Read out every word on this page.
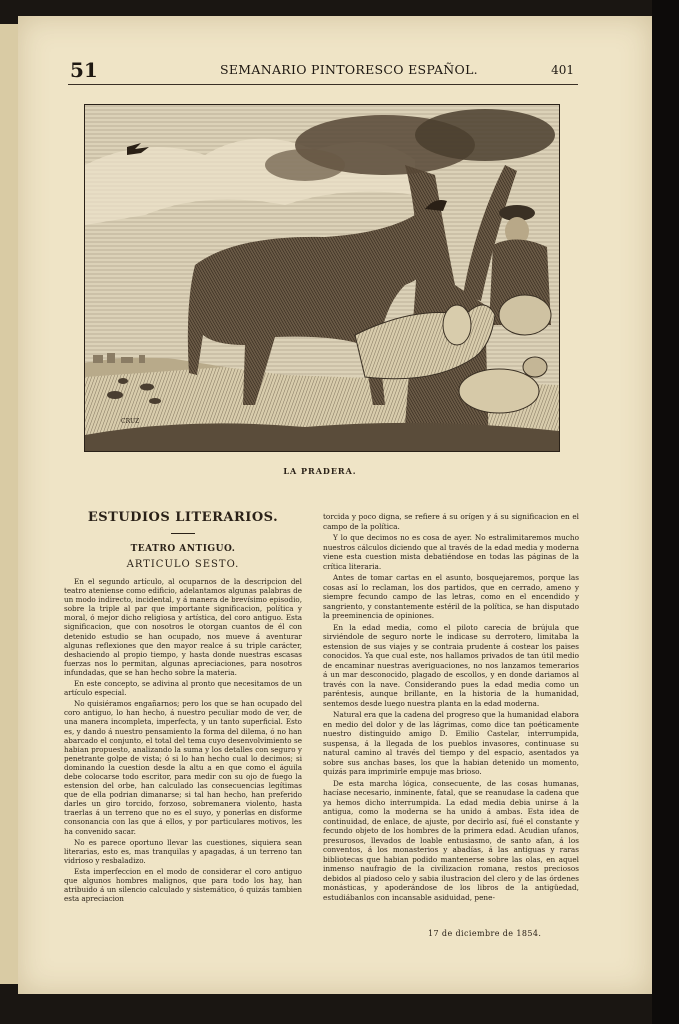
51	SEMANARIO PINTORESCO ESPAÑOL.	401
CRUZ
LA PRADERA.
ESTUDIOS LITERARIOS.
TEATRO ANTIGUO.
ARTICULO SESTO.

En el segundo artículo, al ocuparnos de la descripcion del teatro ateniense como edificio, adelantamos algunas palabras de un modo indirecto, incidental, y á manera de brevísimo episodio, sobre la triple al par que importante significacion, política y moral, ó mejor dicho religiosa y artística, del coro antiguo. Esta significacion, que con nosotros le otorgan cuantos de él con detenido estudio se han ocupado, nos mueve á aventurar algunas reflexiones que den mayor realce á su triple carácter, deshaciendo al propio tiempo, y hasta donde nuestras escasas fuerzas nos lo permitan, algunas apreciaciones, para nosotros infundadas, que se han hecho sobre la materia.

En este concepto, se adivina al pronto que necesitamos de un artículo especial.

No quisiéramos engañarnos; pero los que se han ocupado del coro antiguo, lo han hecho, á nuestro peculiar modo de ver, de una manera incompleta, imperfecta, y un tanto superficial. Esto es, y dando á nuestro pensamiento la forma del dilema, ó no han abarcado el conjunto, el total del tema cuyo desenvolvimiento se habian propuesto, analizando la suma y los detalles con seguro y penetrante golpe de vista; ó si lo han hecho cual lo decimos; si dominando la cuestion desde la altu a en que como el águila debe colocarse todo escritor, para medir con su ojo de fuego la estension del orbe, han calculado las consecuencias legítimas que de ella podrian dimanarse; si tal han hecho, han preferido darles un giro torcido, forzoso, sobremanera violento, hasta traerlas á un terreno que no es el suyo, y ponerlas en disforme consonancia con las que á ellos, y por particulares motivos, les ha convenido sacar.

No es parece oportuno llevar las cuestiones, siquiera sean literarias, esto es, mas tranquilas y apagadas, á un terreno tan vidrioso y resbaladizo.

Esta imperfeccion en el modo de considerar el coro antiguo que algunos hombres malignos, que para todo los hay, han atribuido á un silencio calculado y sistemático, ó quizás tambien esta apreciacion

torcida y poco digna, se refiere á su orígen y á su significacion en el campo de la política.

Y lo que decimos no es cosa de ayer. No estralimitaremos mucho nuestros cálculos diciendo que al través de la edad media y moderna viene esta cuestion mista debatiéndose en todas las páginas de la crítica literaria.

Antes de tomar cartas en el asunto, bosquejaremos, porque las cosas así lo reclaman, los dos partidos, que en cerrado, ameno y siempre fecundo campo de las letras, como en el encendido y sangriento, y constantemente estéril de la política, se han disputado la preeminencia de opiniones.

En la edad media, como el piloto carecia de brújula que sirviéndole de seguro norte le indicase su derrotero, limitaba la estension de sus viajes y se contraia prudente á costear los paises conocidos. Ya que cual este, nos hallamos privados de tan útil medio de encaminar nuestras averiguaciones, no nos lanzamos temerarios á un mar desconocido, plagado de escollos, y en donde dariamos al través con la nave. Considerando pues la edad media como un paréntesis, aunque brillante, en la historia de la humanidad, sentemos desde luego nuestra planta en la edad moderna.

Natural era que la cadena del progreso que la humanidad elabora en medio del dolor y de las lágrimas, como dice tan poéticamente nuestro distinguido amigo D. Emilio Castelar, interrumpida, suspensa, á la llegada de los pueblos invasores, continuase su natural camino al través del tiempo y del espacio, asentados ya sobre sus anchas bases, los que la habian detenido un momento, quizás para imprimirle empuje mas brioso.

De esta marcha lógica, consecuente, de las cosas humanas, hacíase necesario, inminente, fatal, que se reanudase la cadena que ya hemos dicho interrumpida. La edad media debia unirse á la antigua, como la moderna se ha unido á ambas. Esta idea de continuidad, de enlace, de ajuste, por decirlo así, fué el constante y fecundo objeto de los hombres de la primera edad. Acudian ufanos, presurosos, llevados de loable entusiasmo, de santo afan, á los conventos, á los monasterios y abadías, á las antiguas y raras bibliotecas que habian podido mantenerse sobre las olas, en aquel inmenso naufragio de la civilizacion romana, restos preciosos debidos al piadoso celo y sabia ilustracion del clero y de las órdenes monásticas, y apoderándose de los libros de la antigüedad, estudiábanlos con incansable asiduidad, pene-

17 de diciembre de 1854.
